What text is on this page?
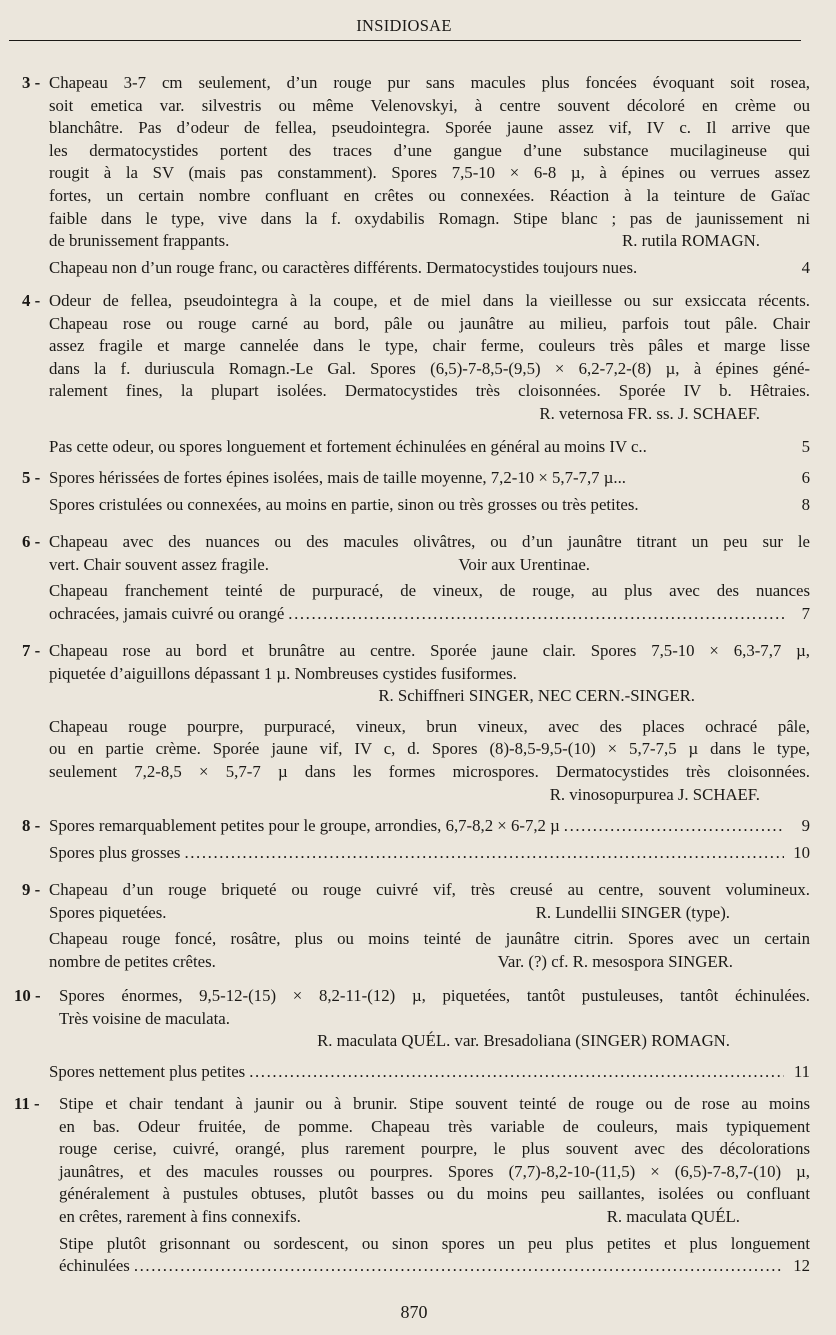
INSIDIOSAE
3 - Chapeau 3-7 cm seulement, d’un rouge pur sans macules plus foncées évoquant soit rosea,
soit emetica var. silvestris ou même Velenovskyi, à centre souvent décoloré en crème ou
blanchâtre. Pas d’odeur de fellea, pseudointegra. Sporée jaune assez vif, IV c. Il arrive que
les dermatocystides portent des traces d’une gangue d’une substance mucilagineuse qui
rougit à la SV (mais pas constamment). Spores 7,5-10 × 6-8 µ, à épines ou verrues assez
fortes, un certain nombre confluant en crêtes ou connexées. Réaction à la teinture de Gaïac
faible dans le type, vive dans la f. oxydabilis Romagn. Stipe blanc ; pas de jaunissement ni
de brunissement frappants.	R. rutila ROMAGN.
Chapeau non d’un rouge franc, ou caractères différents. Dermatocystides toujours nues.	4
4 - Odeur de fellea, pseudointegra à la coupe, et de miel dans la vieillesse ou sur exsiccata récents.
Chapeau rose ou rouge carné au bord, pâle ou jaunâtre au milieu, parfois tout pâle. Chair
assez fragile et marge cannelée dans le type, chair ferme, couleurs très pâles et marge lisse
dans la f. duriuscula Romagn.-Le Gal. Spores (6,5)-7-8,5-(9,5) × 6,2-7,2-(8) µ, à épines géné-
ralement fines, la plupart isolées. Dermatocystides très cloisonnées. Sporée IV b. Hêtraies.
R. veternosa FR. ss. J. SCHAEF.
Pas cette odeur, ou spores longuement et fortement échinulées en général au moins IV c..	5
5 - Spores hérissées de fortes épines isolées, mais de taille moyenne, 7,2-10 × 5,7-7,7 µ...	6
Spores cristulées ou connexées, au moins en partie, sinon ou très grosses ou très petites.	8
6 - Chapeau avec des nuances ou des macules olivâtres, ou d’un jaunâtre titrant un peu sur le
vert. Chair souvent assez fragile.	Voir aux Urentinae.
Chapeau franchement teinté de purpuracé, de vineux, de rouge, au plus avec des nuances
ochracées, jamais cuivré ou orangé .....	7
7 - Chapeau rose au bord et brunâtre au centre. Sporée jaune clair. Spores 7,5-10 × 6,3-7,7 µ,
piquetée d’aiguillons dépassant 1 µ. Nombreuses cystides fusiformes.
R. Schiffneri SINGER, NEC CERN.-SINGER.
Chapeau rouge pourpre, purpuracé, vineux, brun vineux, avec des places ochracé pâle,
ou en partie crème. Sporée jaune vif, IV c, d. Spores (8)-8,5-9,5-(10) × 5,7-7,5 µ dans le type,
seulement 7,2-8,5 × 5,7-7 µ dans les formes microspores. Dermatocystides très cloisonnées.
R. vinosopurpurea J. SCHAEF.
8 - Spores remarquablement petites pour le groupe, arrondies, 6,7-8,2 × 6-7,2 µ .....	9
Spores plus grosses .....	10
9 - Chapeau d’un rouge briqueté ou rouge cuivré vif, très creusé au centre, souvent volumineux.
Spores piquetées.	R. Lundellii SINGER (type).
Chapeau rouge foncé, rosâtre, plus ou moins teinté de jaunâtre citrin. Spores avec un certain
nombre de petites crêtes.	Var. (?) cf. R. mesospora SINGER.
10 - Spores énormes, 9,5-12-(15) × 8,2-11-(12) µ, piquetées, tantôt pustuleuses, tantôt échinulées.
Très voisine de maculata.
R. maculata QUÉL. var. Bresadoliana (SINGER) ROMAGN.
Spores nettement plus petites .....	11
11 - Stipe et chair tendant à jaunir ou à brunir. Stipe souvent teinté de rouge ou de rose au moins
en bas. Odeur fruitée, de pomme. Chapeau très variable de couleurs, mais typiquement
rouge cerise, cuivré, orangé, plus rarement pourpre, le plus souvent avec des décolorations
jaunâtres, et des macules rousses ou pourpres. Spores (7,7)-8,2-10-(11,5) × (6,5)-7-8,7-(10) µ,
généralement à pustules obtuses, plutôt basses ou du moins peu saillantes, isolées ou confluant
en crêtes, rarement à fins connexifs.	R. maculata QUÉL.
Stipe plutôt grisonnant ou sordescent, ou sinon spores un peu plus petites et plus longuement
échinulées .....	12
870
